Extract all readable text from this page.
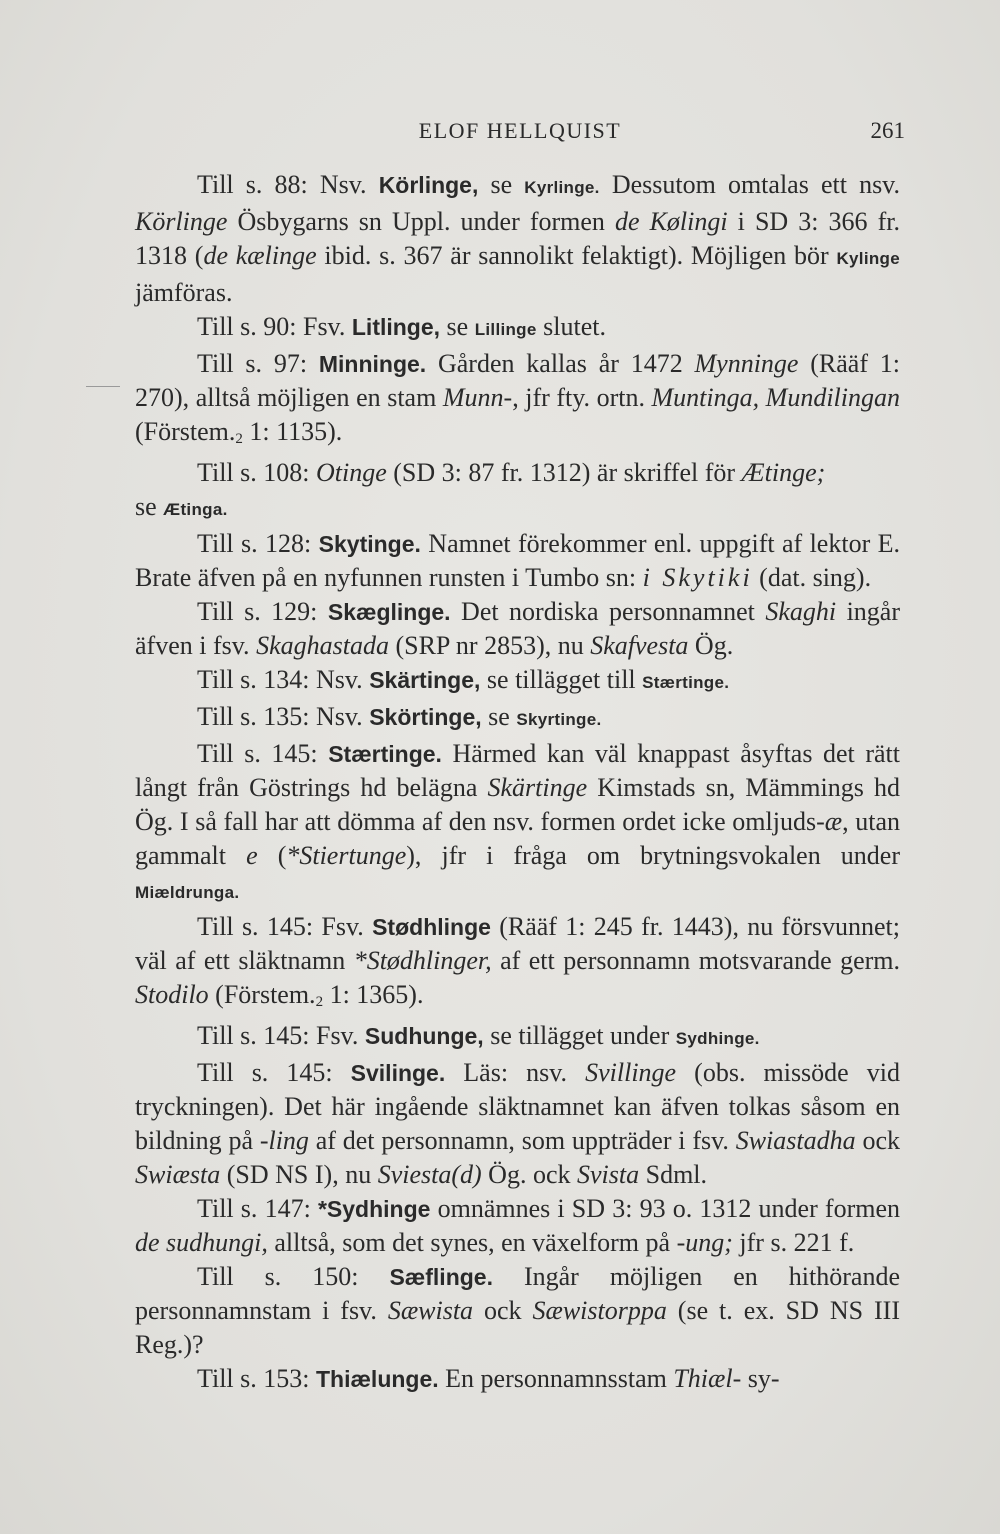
ELOF HELLQUIST	261

Till s. 88: Nsv. Körlinge, se Kyrlinge. Dessutom omtalas ett nsv. Körlinge Ösbygarns sn Uppl. under formen de Kølingi i SD 3: 366 fr. 1318 (de kælinge ibid. s. 367 är sannolikt felaktigt). Möjligen bör Kylinge jämföras.

Till s. 90: Fsv. Litlinge, se Lillinge slutet.

Till s. 97: Minninge. Gården kallas år 1472 Mynninge (Rääf 1: 270), alltså möjligen en stam Munn-, jfr fty. ortn. Muntinga, Mundilingan ($Förstem._2$ 1: 1135).

Till s. 108: Otinge (SD 3: 87 fr. 1312) är skriffel för Ætinge;

se Ætinga.

Till s. 128: Skytinge. Namnet förekommer enl. uppgift af lektor E. Brate äfven på en nyfunnen runsten i Tumbo sn: i Skytiki (dat. sing).

Till s. 129: Skæglinge. Det nordiska personnamnet Skaghi ingår äfven i fsv. Skaghastada (SRP nr 2853), nu Skafvesta Ög.

Till s. 134: Nsv. Skärtinge, se tillägget till Stærtinge.

Till s. 135: Nsv. Skörtinge, se Skyrtinge.

Till s. 145: Stærtinge. Härmed kan väl knappast åsyftas det rätt långt från Göstrings hd belägna Skärtinge Kimstads sn, Mämmings hd Ög. I så fall har att dömma af den nsv. formen ordet icke omljuds-æ, utan gammalt e (*Stiertunge), jfr i fråga om brytningsvokalen under Miældrunga.

Till s. 145: Fsv. Stødhlinge (Rääf 1: 245 fr. 1443), nu försvunnet; väl af ett släktnamn *Stødhlinger, af ett personnamn motsvarande germ. Stodilo ($Förstem._2$ 1: 1365).

Till s. 145: Fsv. Sudhunge, se tillägget under Sydhinge.

Till s. 145: Svilinge. Läs: nsv. Svillinge (obs. missöde vid tryckningen). Det här ingående släktnamnet kan äfven tolkas såsom en bildning på -ling af det personnamn, som uppträder i fsv. Swiastadha ock Swiæsta (SD NS I), nu Sviesta(d) Ög. ock Svista Sdml.

Till s. 147: *Sydhinge omnämnes i SD 3: 93 o. 1312 under formen de sudhungi, alltså, som det synes, en växelform på -ung; jfr s. 221 f.

Till s. 150: Sæflinge. Ingår möjligen en hithörande personnamnstam i fsv. Sæwista ock Sæwistorppa (se t. ex. SD NS III Reg.)?

Till s. 153: Thiælunge. En personnamnsstam Thiæl- sy-
